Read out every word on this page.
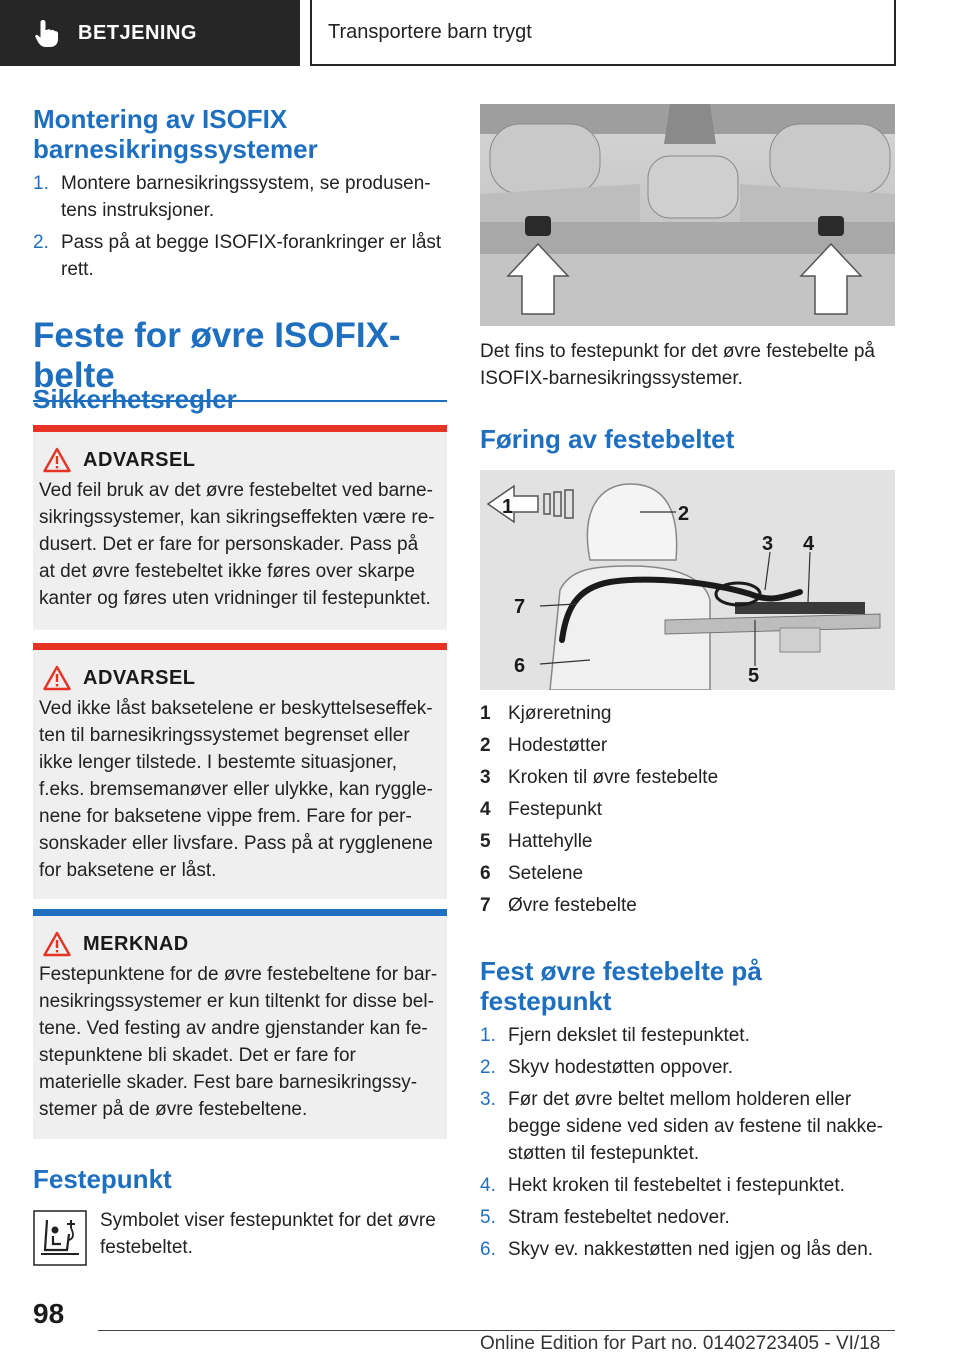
BETJENING	Transportere barn trygt
Montering av ISOFIX barnesikringssystemer
1. Montere barnesikringssystem, se produsentens instruksjoner.
2. Pass på at begge ISOFIX-forankringer er låst rett.
Feste for øvre ISOFIX-belte
Sikkerhetsregler
ADVARSEL
Ved feil bruk av det øvre festebeltet ved barnesikringssystemer, kan sikringseffekten være redusert. Det er fare for personskader. Pass på at det øvre festebeltet ikke føres over skarpe kanter og føres uten vridninger til festepunktet.
ADVARSEL
Ved ikke låst baksetelene er beskyttelseseffekten til barnesikringssystemet begrenset eller ikke lenger tilstede. I bestemte situasjoner, f.eks. bremsemanøver eller ulykke, kan rygglenene for baksetene vippe frem. Fare for personskader eller livsfare. Pass på at rygglenene for baksetene er låst.
MERKNAD
Festepunktene for de øvre festebeltene for barnesikringssystemer er kun tiltenkt for disse beltene. Ved festing av andre gjenstander kan festepunktene bli skadet. Det er fare for materielle skader. Fest bare barnesikringssystemer på de øvre festebeltene.
Festepunkt
Symbolet viser festepunktet for det øvre festebeltet.
Det fins to festepunkt for det øvre festebelte på ISOFIX-barnesikringssystemer.
Føring av festebeltet
1	2
3 4
5
6
7
1 Kjøreretning
2 Hodestøtter
3 Kroken til øvre festebelte
4 Festepunkt
5 Hattehylle
6 Setelene
7 Øvre festebelte
Fest øvre festebelte på festepunkt
1. Fjern dekslet til festepunktet.
2. Skyv hodestøtten oppover.
3. Før det øvre beltet mellom holderen eller begge sidene ved siden av festene til nakkestøtten til festepunktet.
4. Hekt kroken til festebeltet i festepunktet.
5. Stram festebeltet nedover.
6. Skyv ev. nakkestøtten ned igjen og lås den.
98
Online Edition for Part no. 01402723405 - VI/18
